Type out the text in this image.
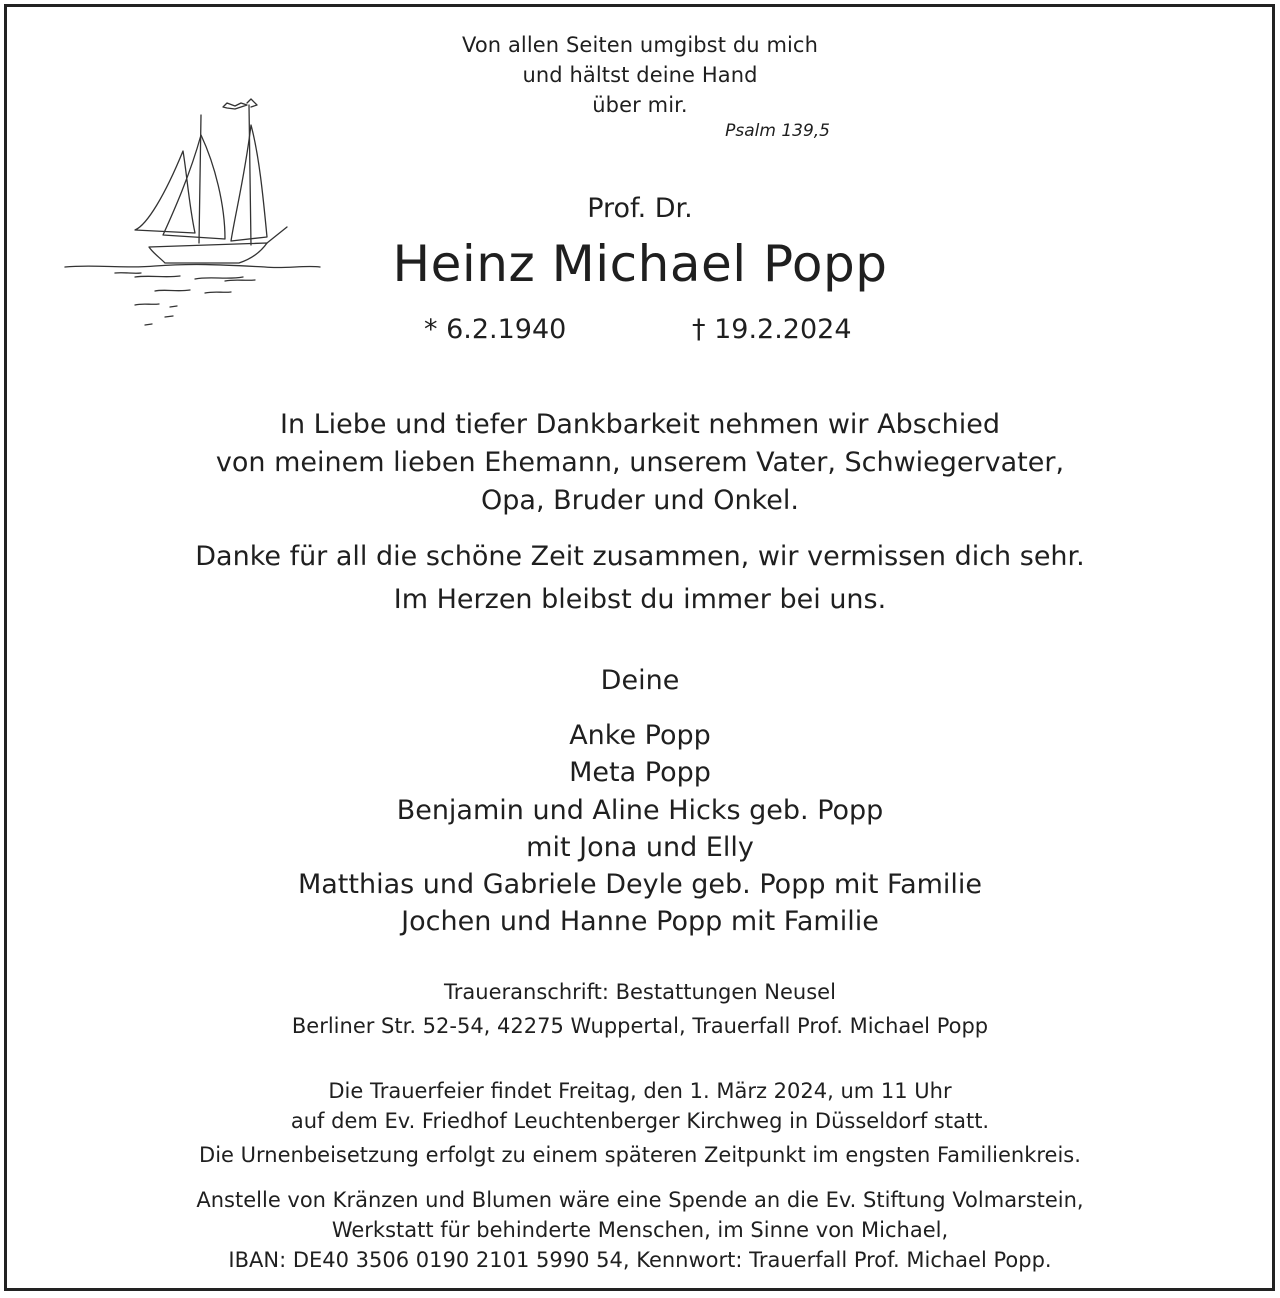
Von allen Seiten umgibst du mich
und hältst deine Hand
über mir.
Psalm 139,5
Prof. Dr.
Heinz Michael Popp
* 6.2.1940	† 19.2.2024
In Liebe und tiefer Dankbarkeit nehmen wir Abschied
von meinem lieben Ehemann, unserem Vater, Schwiegervater,
Opa, Bruder und Onkel.
Danke für all die schöne Zeit zusammen, wir vermissen dich sehr.
Im Herzen bleibst du immer bei uns.
Deine
Anke Popp
Meta Popp
Benjamin und Aline Hicks geb. Popp
mit Jona und Elly
Matthias und Gabriele Deyle geb. Popp mit Familie
Jochen und Hanne Popp mit Familie
Traueranschrift: Bestattungen Neusel
Berliner Str. 52-54, 42275 Wuppertal, Trauerfall Prof. Michael Popp
Die Trauerfeier findet Freitag, den 1. März 2024, um 11 Uhr
auf dem Ev. Friedhof Leuchtenberger Kirchweg in Düsseldorf statt.
Die Urnenbeisetzung erfolgt zu einem späteren Zeitpunkt im engsten Familienkreis.
Anstelle von Kränzen und Blumen wäre eine Spende an die Ev. Stiftung Volmarstein,
Werkstatt für behinderte Menschen, im Sinne von Michael,
IBAN: DE40 3506 0190 2101 5990 54, Kennwort: Trauerfall Prof. Michael Popp.
